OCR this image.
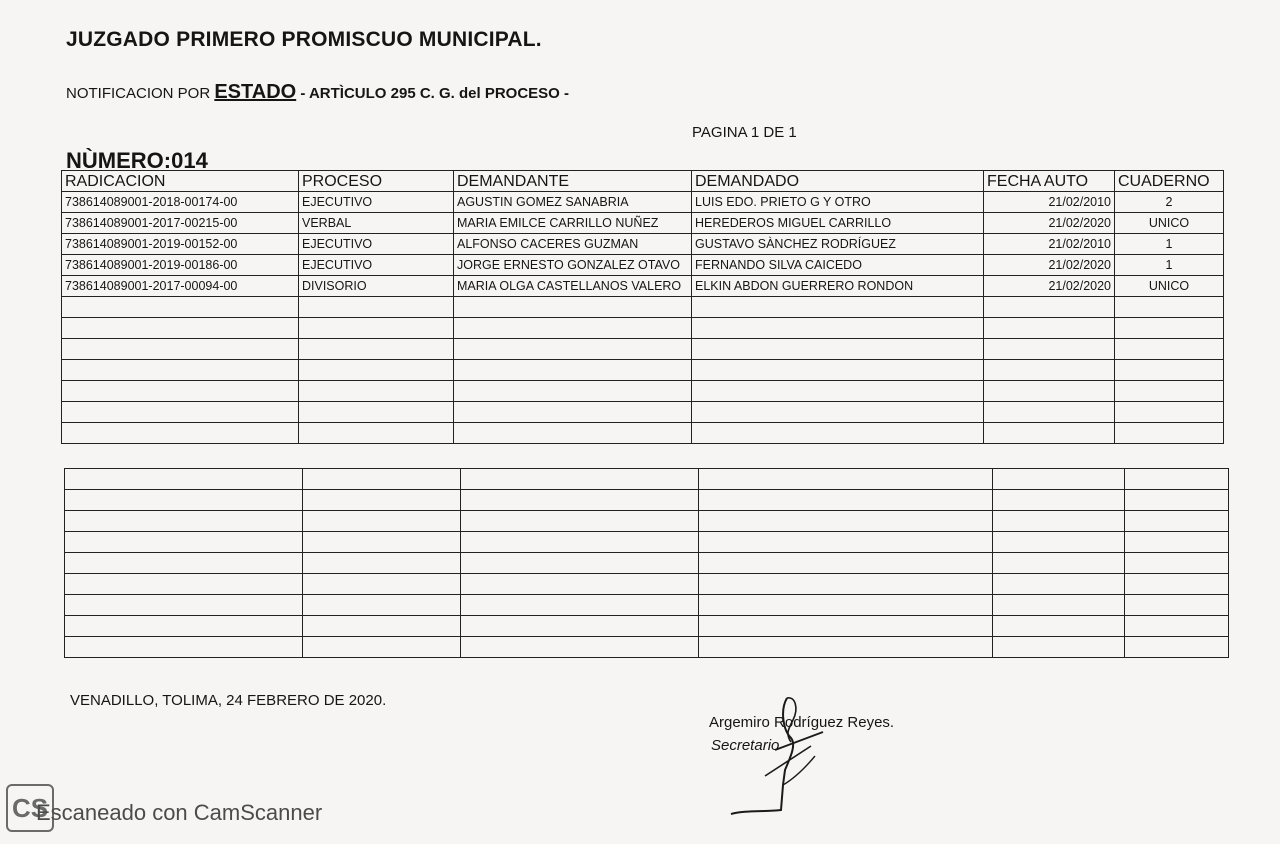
JUZGADO PRIMERO PROMISCUO MUNICIPAL.
NOTIFICACION POR ESTADO - ARTÌCULO 295 C. G. del PROCESO -
PAGINA 1 DE 1
NÙMERO:014
RADICACION	PROCESO	DEMANDANTE	DEMANDADO	FECHA AUTO	CUADERNO
738614089001-2018-00174-00	EJECUTIVO	AGUSTIN GOMEZ SANABRIA	LUIS EDO. PRIETO G Y OTRO	21/02/2010	2
738614089001-2017-00215-00	VERBAL	MARIA EMILCE CARRILLO NUÑEZ	HEREDEROS MIGUEL CARRILLO	21/02/2020	UNICO
738614089001-2019-00152-00	EJECUTIVO	ALFONSO CACERES GUZMAN	GUSTAVO SÀNCHEZ RODRÍGUEZ	21/02/2010	1
738614089001-2019-00186-00	EJECUTIVO	JORGE ERNESTO GONZALEZ OTAVO	FERNANDO SILVA CAICEDO	21/02/2020	1
738614089001-2017-00094-00	DIVISORIO	MARIA OLGA CASTELLANOS VALERO	ELKIN ABDON GUERRERO RONDON	21/02/2020	UNICO

VENADILLO, TOLIMA, 24 FEBRERO DE 2020.
Argemiro Rodríguez Reyes.
Secretario
CS
Escaneado con CamScanner
